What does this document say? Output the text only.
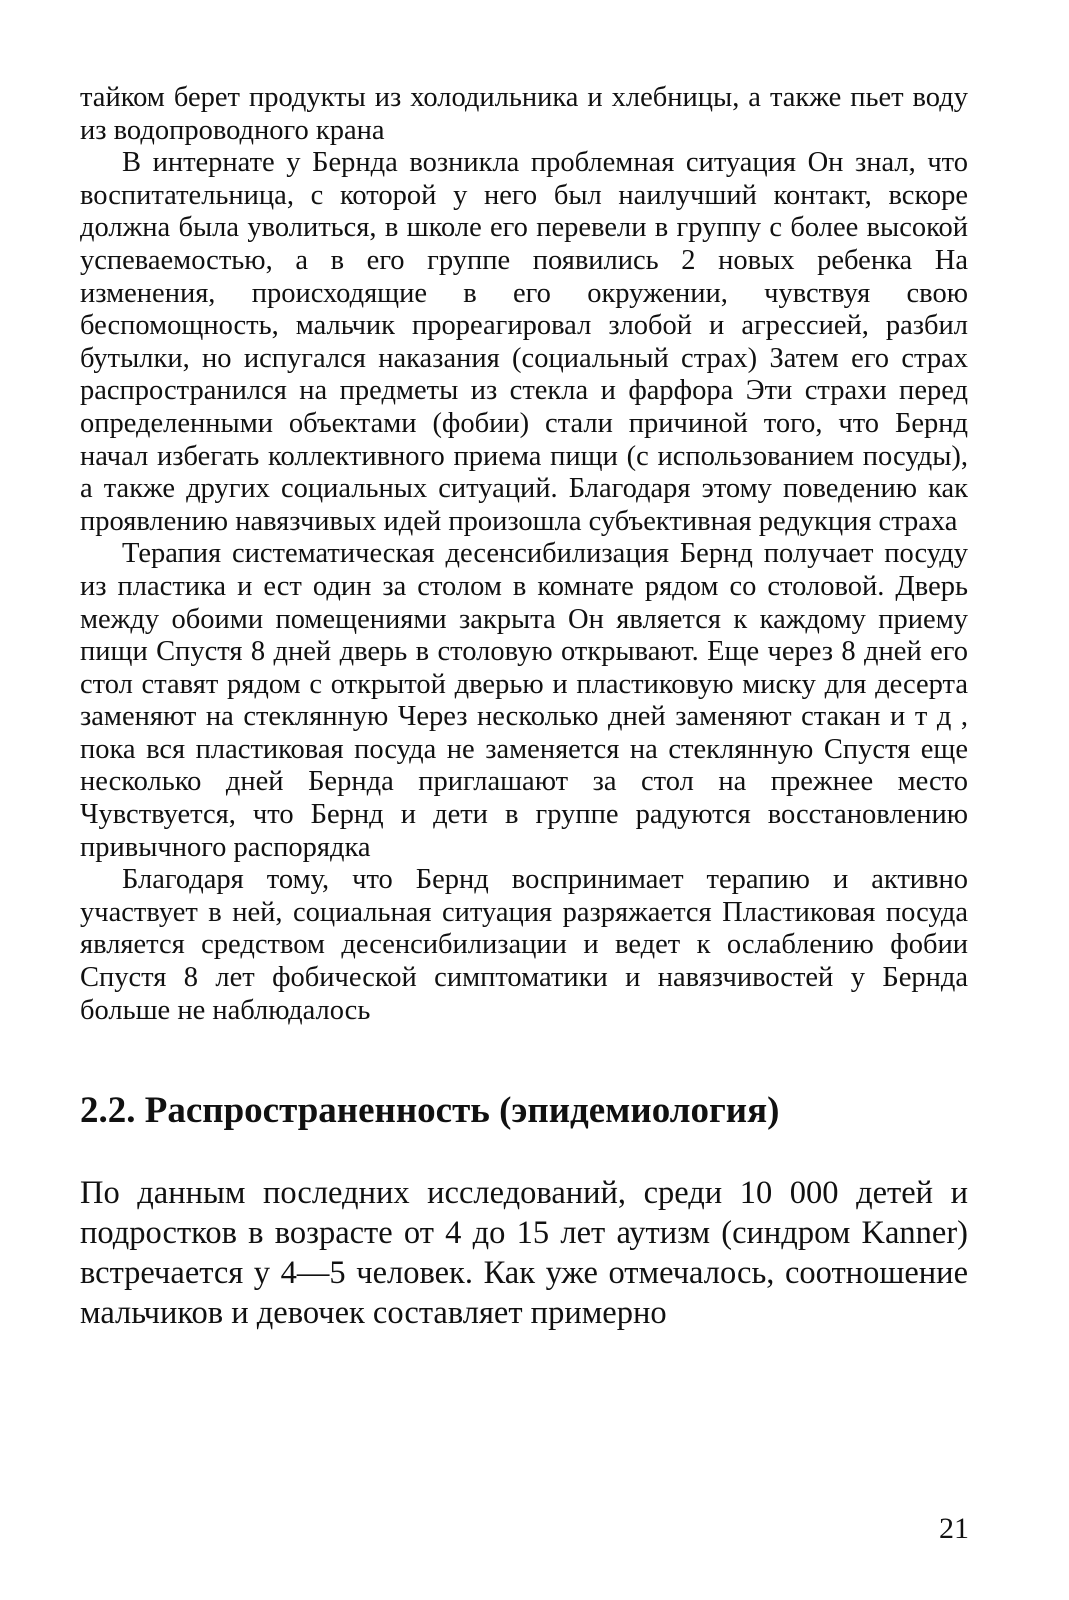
тайком берет продукты из холодильника и хлебницы, а также пьет воду из водопроводного крана

В интернате у Бернда возникла проблемная ситуация Он знал, что воспитательница, с которой у него был наилучший контакт, вскоре должна была уволиться, в школе его перевели в группу с более высокой успеваемостью, а в его группе появились 2 новых ребенка На изменения, происходящие в его окружении, чувствуя свою беспомощность, мальчик прореагировал злобой и агрессией, разбил бутылки, но испугался наказания (социальный страх) Затем его страх распространился на предметы из стекла и фарфора Эти страхи перед определенными объектами (фобии) стали причиной того, что Бернд начал избегать коллективного приема пищи (с использованием посуды), а также других социальных ситуаций. Благодаря этому поведению как проявлению навязчивых идей произошла субъективная редукция страха

Терапия систематическая десенсибилизация Бернд получает посуду из пластика и ест один за столом в комнате рядом со столовой. Дверь между обоими помещениями закрыта Он является к каждому приему пищи Спустя 8 дней дверь в столовую открывают. Еще через 8 дней его стол ставят рядом с открытой дверью и пластиковую миску для десерта заменяют на стеклянную Через несколько дней заменяют стакан и т д , пока вся пластиковая посуда не заменяется на стеклянную Спустя еще несколько дней Бернда приглашают за стол на прежнее место Чувствуется, что Бернд и дети в группе радуются восстановлению привычного распорядка

Благодаря тому, что Бернд воспринимает терапию и активно участвует в ней, социальная ситуация разряжается Пластиковая посуда является средством десенсибилизации и ведет к ослаблению фобии Спустя 8 лет фобической симптоматики и навязчивостей у Бернда больше не наблюдалось

2.2. Распространенность (эпидемиология)

По данным последних исследований, среди 10 000 детей и подростков в возрасте от 4 до 15 лет аутизм (синдром Kanner) встречается у 4—5 человек. Как уже отмечалось, соотношение мальчиков и девочек составляет примерно

21
